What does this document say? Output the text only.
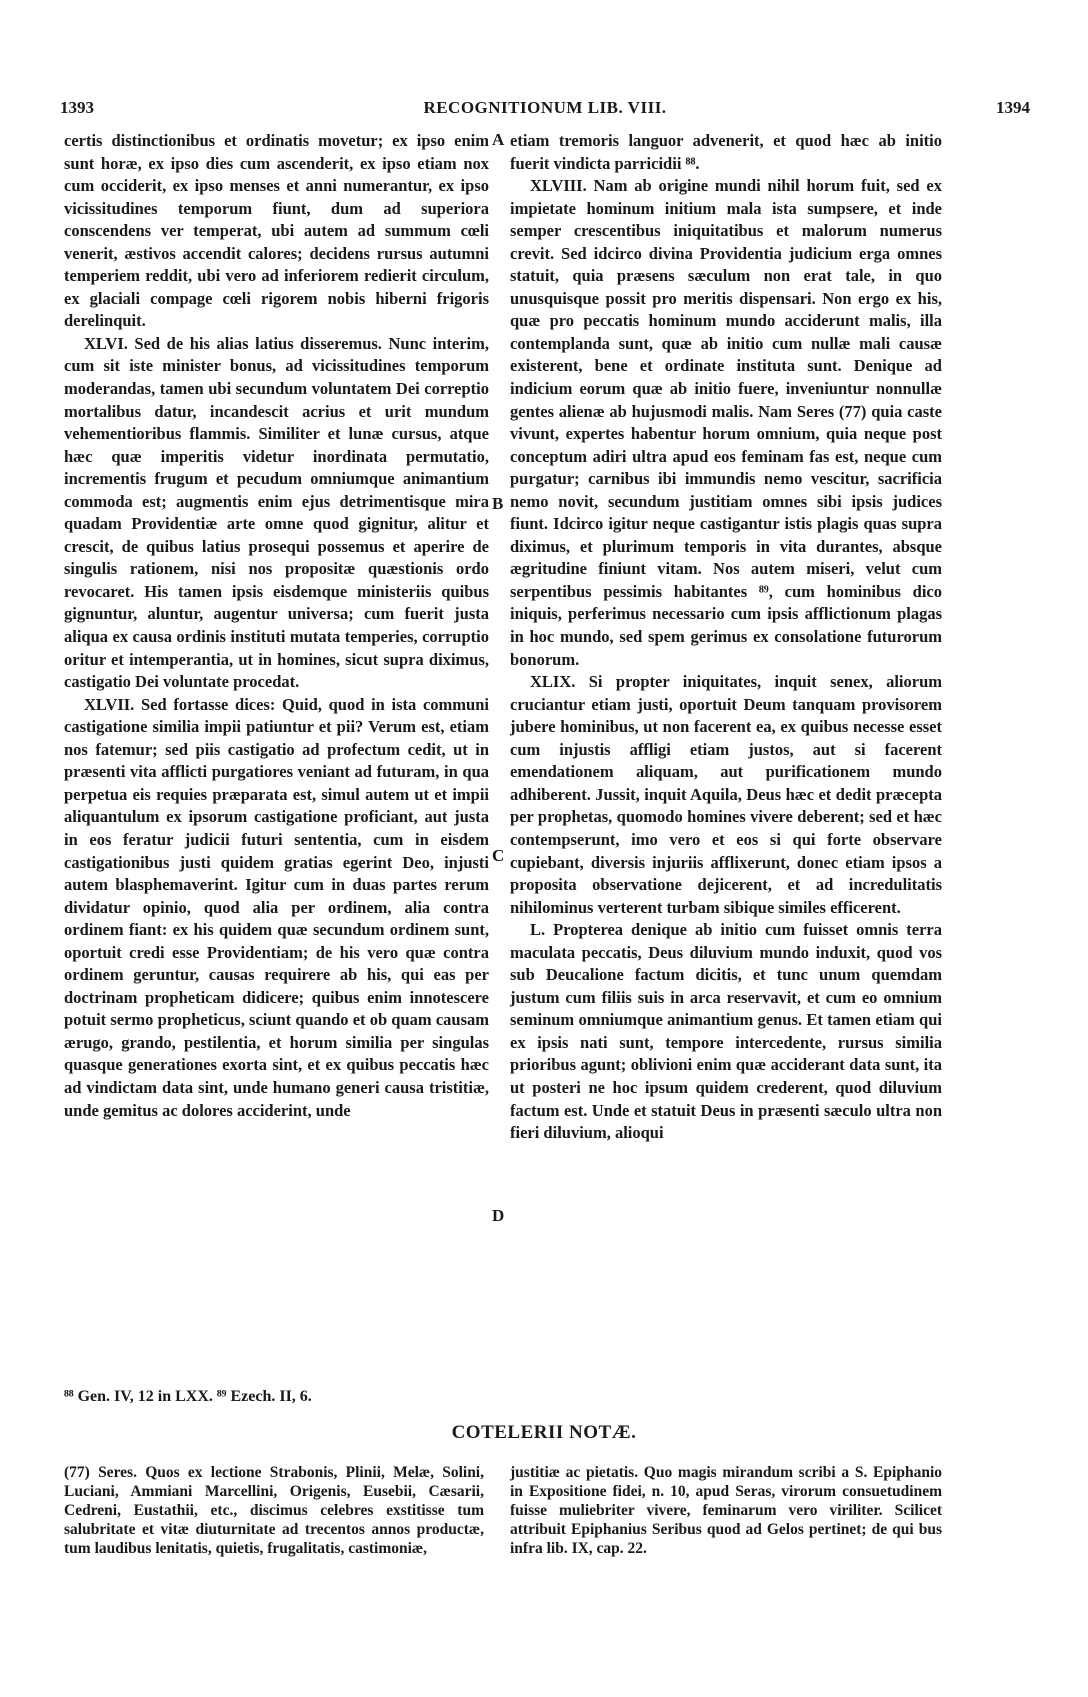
1393	RECOGNITIONUM LIB. VIII.	1394

certis distinctionibus et ordinatis movetur; ex ipso enim sunt horæ, ex ipso dies cum ascenderit, ex ipso etiam nox cum occiderit, ex ipso menses et anni numerantur, ex ipso vicissitudines temporum fiunt, dum ad superiora conscendens ver temperat, ubi autem ad summum cœli venerit, æstivos accendit calores; decidens rursus autumni temperiem reddit, ubi vero ad inferiorem redierit circulum, ex glaciali compage cœli rigorem nobis hiberni frigoris derelinquit.

XLVI. Sed de his alias latius disseremus. Nunc interim, cum sit iste minister bonus, ad vicissitudines temporum moderandas, tamen ubi secundum voluntatem Dei correptio mortalibus datur, incandescit acrius et urit mundum vehementioribus flammis. Similiter et lunæ cursus, atque hæc quæ imperitis videtur inordinata permutatio, incrementis frugum et pecudum omniumque animantium commoda est; augmentis enim ejus detrimentisque mira quadam Providentiæ arte omne quod gignitur, alitur et crescit, de quibus latius prosequi possemus et aperire de singulis rationem, nisi nos propositæ quæstionis ordo revocaret. His tamen ipsis eisdemque ministeriis quibus gignuntur, aluntur, augentur universa; cum fuerit justa aliqua ex causa ordinis instituti mutata temperies, corruptio oritur et intemperantia, ut in homines, sicut supra diximus, castigatio Dei voluntate procedat.

XLVII. Sed fortasse dices: Quid, quod in ista communi castigatione similia impii patiuntur et pii? Verum est, etiam nos fatemur; sed piis castigatio ad profectum cedit, ut in præsenti vita afflicti purgatiores veniant ad futuram, in qua perpetua eis requies præparata est, simul autem ut et impii aliquantulum ex ipsorum castigatione proficiant, aut justa in eos feratur judicii futuri sententia, cum in eisdem castigationibus justi quidem gratias egerint Deo, injusti autem blasphemaverint. Igitur cum in duas partes rerum dividatur opinio, quod alia per ordinem, alia contra ordinem fiant: ex his quidem quæ secundum ordinem sunt, oportuit credi esse Providentiam; de his vero quæ contra ordinem geruntur, causas requirere ab his, qui eas per doctrinam propheticam didicere; quibus enim innotescere potuit sermo propheticus, sciunt quando et ob quam causam ærugo, grando, pestilentia, et horum similia per singulas quasque generationes exorta sint, et ex quibus peccatis hæc ad vindictam data sint, unde humano generi causa tristitiæ, unde gemitus ac dolores acciderint, unde

A
B
C
D

etiam tremoris languor advenerit, et quod hæc ab initio fuerit vindicta parricidii ⁸⁸.

XLVIII. Nam ab origine mundi nihil horum fuit, sed ex impietate hominum initium mala ista sumpsere, et inde semper crescentibus iniquitatibus et malorum numerus crevit. Sed idcirco divina Providentia judicium erga omnes statuit, quia præsens sæculum non erat tale, in quo unusquisque possit pro meritis dispensari. Non ergo ex his, quæ pro peccatis hominum mundo acciderunt malis, illa contemplanda sunt, quæ ab initio cum nullæ mali causæ existerent, bene et ordinate instituta sunt. Denique ad indicium eorum quæ ab initio fuere, inveniuntur nonnullæ gentes alienæ ab hujusmodi malis. Nam Seres (77) quia caste vivunt, expertes habentur horum omnium, quia neque post conceptum adiri ultra apud eos feminam fas est, neque cum purgatur; carnibus ibi immundis nemo vescitur, sacrificia nemo novit, secundum justitiam omnes sibi ipsis judices fiunt. Idcirco igitur neque castigantur istis plagis quas supra diximus, et plurimum temporis in vita durantes, absque ægritudine finiunt vitam. Nos autem miseri, velut cum serpentibus pessimis habitantes ⁸⁹, cum hominibus dico iniquis, perferimus necessario cum ipsis afflictionum plagas in hoc mundo, sed spem gerimus ex consolatione futurorum bonorum.

XLIX. Si propter iniquitates, inquit senex, aliorum cruciantur etiam justi, oportuit Deum tanquam provisorem jubere hominibus, ut non facerent ea, ex quibus necesse esset cum injustis affligi etiam justos, aut si facerent emendationem aliquam, aut purificationem mundo adhiberent. Jussit, inquit Aquila, Deus hæc et dedit præcepta per prophetas, quomodo homines vivere deberent; sed et hæc contempserunt, imo vero et eos si qui forte observare cupiebant, diversis injuriis afflixerunt, donec etiam ipsos a proposita observatione dejicerent, et ad incredulitatis nihilominus verterent turbam sibique similes efficerent.

L. Propterea denique ab initio cum fuisset omnis terra maculata peccatis, Deus diluvium mundo induxit, quod vos sub Deucalione factum dicitis, et tunc unum quemdam justum cum filiis suis in arca reservavit, et cum eo omnium seminum omniumque animantium genus. Et tamen etiam qui ex ipsis nati sunt, tempore intercedente, rursus similia prioribus agunt; oblivioni enim quæ acciderant data sunt, ita ut posteri ne hoc ipsum quidem crederent, quod diluvium factum est. Unde et statuit Deus in præsenti sæculo ultra non fieri diluvium, alioqui

⁸⁸ Gen. IV, 12 in LXX. ⁸⁹ Ezech. II, 6.
COTELERII NOTÆ.

(77) Seres. Quos ex lectione Strabonis, Plinii, Melæ, Solini, Luciani, Ammiani Marcellini, Origenis, Eusebii, Cæsarii, Cedreni, Eustathii, etc., discimus celebres exstitisse tum salubritate et vitæ diuturnitate ad trecentos annos productæ, tum laudibus lenitatis, quietis, frugalitatis, castimoniæ,

justitiæ ac pietatis. Quo magis mirandum scribi a S. Epiphanio in Expositione fidei, n. 10, apud Seras, virorum consuetudinem fuisse muliebriter vivere, feminarum vero viriliter. Scilicet attribuit Epiphanius Seribus quod ad Gelos pertinet; de qui bus infra lib. IX, cap. 22.
